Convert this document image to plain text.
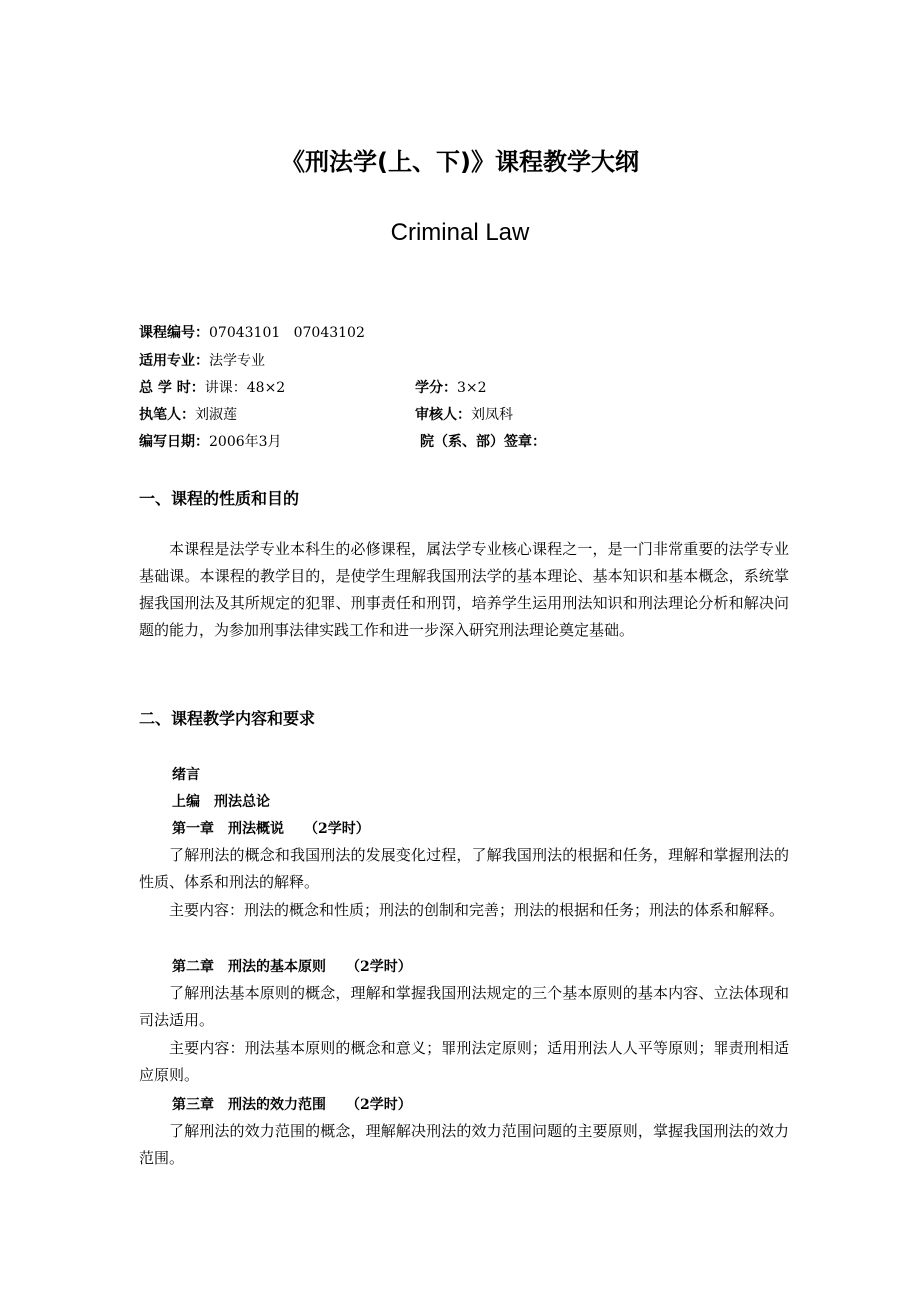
《刑法学(上、下)》课程教学大纲
Criminal Law
课程编号：07043101   07043102
适用专业：法学专业
总 学 时：讲课：48×2	学分：3×2
执笔人：刘淑莲	审核人：刘凤科
编写日期：2006年3月	院（系、部）签章：
一、课程的性质和目的

本课程是法学专业本科生的必修课程，属法学专业核心课程之一，是一门非常重要的法学专业基础课。本课程的教学目的，是使学生理解我国刑法学的基本理论、基本知识和基本概念，系统掌握我国刑法及其所规定的犯罪、刑事责任和刑罚，培养学生运用刑法知识和刑法理论分析和解决问题的能力，为参加刑事法律实践工作和进一步深入研究刑法理论奠定基础。

二、课程教学内容和要求
绪言
上编　刑法总论
第一章　刑法概说 （2学时）

了解刑法的概念和我国刑法的发展变化过程，了解我国刑法的根据和任务，理解和掌握刑法的性质、体系和刑法的解释。

主要内容：刑法的概念和性质；刑法的创制和完善；刑法的根据和任务；刑法的体系和解释。

第二章　刑法的基本原则 （2学时）

了解刑法基本原则的概念，理解和掌握我国刑法规定的三个基本原则的基本内容、立法体现和司法适用。

主要内容：刑法基本原则的概念和意义；罪刑法定原则；适用刑法人人平等原则；罪责刑相适应原则。

第三章　刑法的效力范围 （2学时）

了解刑法的效力范围的概念，理解解决刑法的效力范围问题的主要原则，掌握我国刑法的效力范围。
